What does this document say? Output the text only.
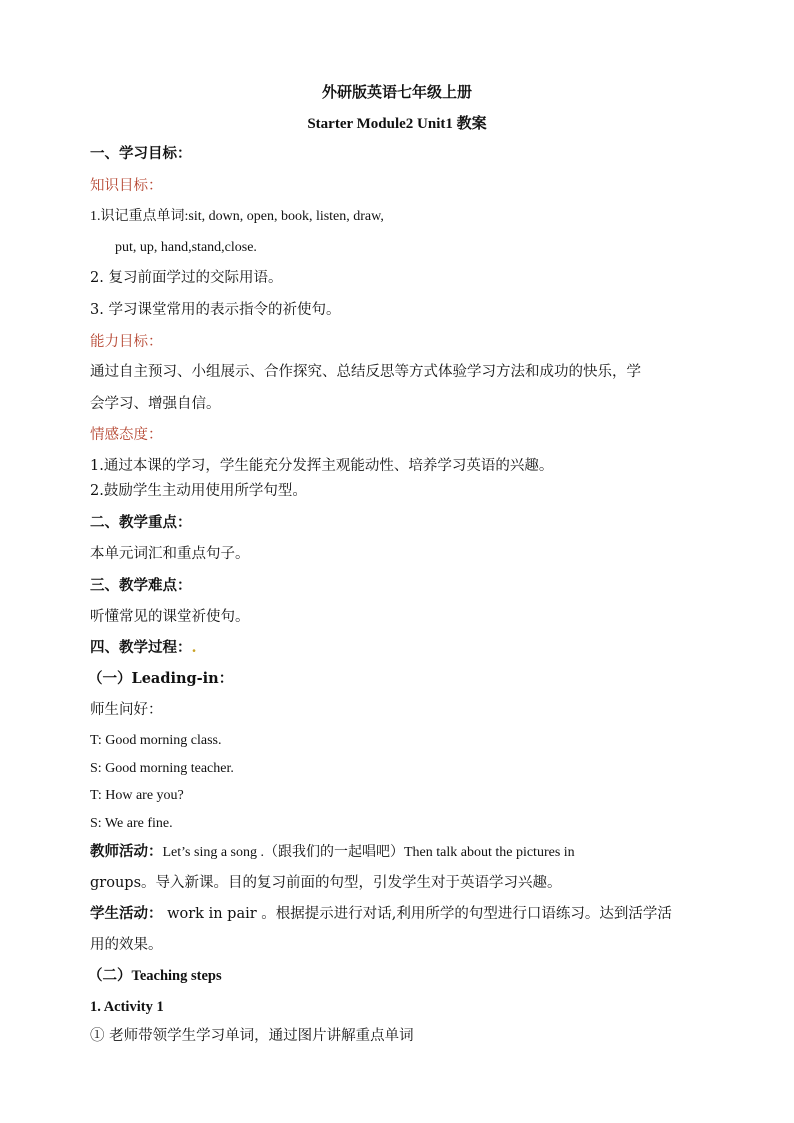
外研版英语七年级上册
Starter Module2 Unit1 教案
一、学习目标：
知识目标：
1.识记重点单词:sit, down, open, book, listen, draw,
put, up, hand,stand,close.
2. 复习前面学过的交际用语。
3. 学习课堂常用的表示指令的祈使句。
能力目标：
通过自主预习、小组展示、合作探究、总结反思等方式体验学习方法和成功的快乐，学
会学习、增强自信。
情感态度：
1.通过本课的学习，学生能充分发挥主观能动性、培养学习英语的兴趣。
2.鼓励学生主动用使用所学句型。
二、教学重点：
本单元词汇和重点句子。
三、教学难点：
听懂常见的课堂祈使句。
四、教学过程：.
（一）Leading-in：
师生问好：
T: Good morning class.
S: Good morning teacher.
T: How are you?
S: We are fine.
教师活动：Let’s sing a song .（跟我们的一起唱吧）Then talk about the pictures in
groups。导入新课。目的复习前面的句型，引发学生对于英语学习兴趣。
学生活动： work in pair 。根据提示进行对话,利用所学的句型进行口语练习。达到活学活
用的效果。
（二）Teaching steps
1. Activity 1
① 老师带领学生学习单词，通过图片讲解重点单词
